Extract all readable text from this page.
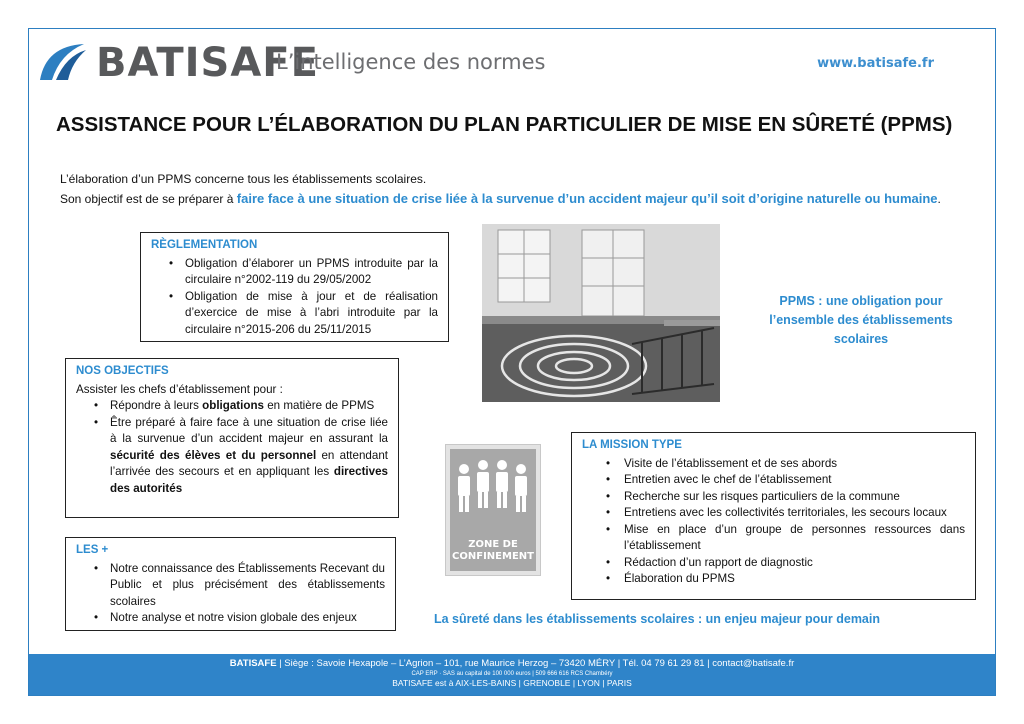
BATISAFE
L’intelligence des normes	www.batisafe.fr
ASSISTANCE POUR L’ÉLABORATION DU PLAN PARTICULIER DE MISE EN SÛRETÉ (PPMS)
L’élaboration d’un PPMS concerne tous les établissements scolaires.
Son objectif est de se préparer à faire face à une situation de crise liée à la survenue d’un accident majeur qu’il soit d’origine naturelle ou humaine.
RÈGLEMENTATION
• Obligation d’élaborer un PPMS introduite par la circulaire n°2002-119 du 29/05/2002
• Obligation de mise à jour et de réalisation d’exercice de mise à l’abri introduite par la circulaire n°2015-206 du 25/11/2015
PPMS : une obligation pour
l’ensemble des établissements
scolaires
NOS OBJECTIFS
Assister les chefs d’établissement pour :
• Répondre à leurs obligations en matière de PPMS
• Être préparé à faire face à une situation de crise liée à la survenue d’un accident majeur en assurant la sécurité des élèves et du personnel en attendant l’arrivée des secours et en appliquant les directives des autorités
ZONE DE
CONFINEMENT
LA MISSION TYPE
• Visite de l’établissement et de ses abords
• Entretien avec le chef de l’établissement
• Recherche sur les risques particuliers de la commune
• Entretiens avec les collectivités territoriales, les secours locaux
• Mise en place d’un groupe de personnes ressources dans l’établissement
• Rédaction d’un rapport de diagnostic
• Élaboration du PPMS
LES +
• Notre connaissance des Établissements Recevant du Public et plus précisément des établissements scolaires
• Notre analyse et notre vision globale des enjeux	La sûreté dans les établissements scolaires : un enjeu majeur pour demain
BATISAFE | Siège : Savoie Hexapole – L’Agrion – 101, rue Maurice Herzog – 73420 MÉRY | Tél. 04 79 61 29 81 | contact@batisafe.fr
CAP ERP · SAS au capital de 100 000 euros | 509 666 616 RCS Chambéry
BATISAFE est à AIX-LES-BAINS | GRENOBLE | LYON | PARIS
